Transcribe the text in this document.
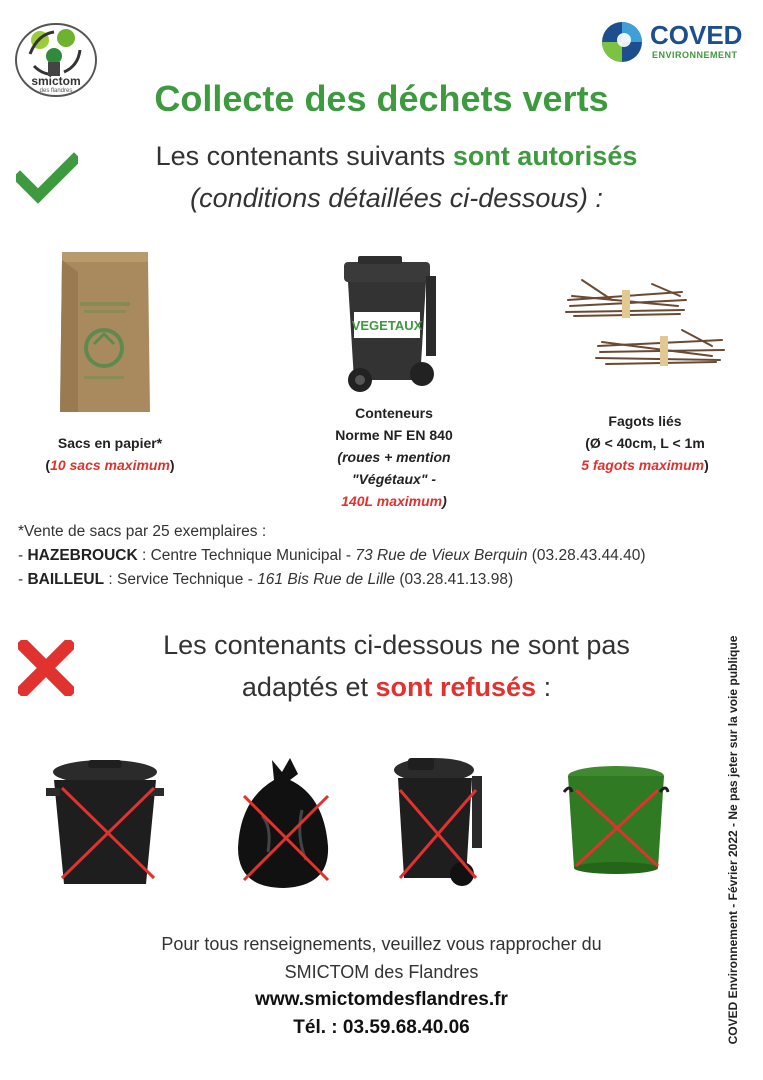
smictom
des flandres
COVED
ENVIRONNEMENT
Collecte des déchets verts
Les contenants suivants sont autorisés
(conditions détaillées ci-dessous) :
VEGETAUX
Sacs en papier*
(10 sacs maximum)
Conteneurs
Norme NF EN 840
(roues + mention
"Végétaux" -
140L maximum)
Fagots liés
(Ø < 40cm, L < 1m
5 fagots maximum)
*Vente de sacs par 25 exemplaires :
- HAZEBROUCK : Centre Technique Municipal - 73 Rue de Vieux Berquin (03.28.43.44.40)
- BAILLEUL : Service Technique - 161 Bis Rue de Lille (03.28.41.13.98)
Les contenants ci-dessous ne sont pas
adaptés et sont refusés :
Pour tous renseignements, veuillez vous rapprocher du
SMICTOM des Flandres
www.smictomdesflandres.fr
Tél. : 03.59.68.40.06	COVED Environnement - Février 2022 - Ne pas jeter sur la voie publique
